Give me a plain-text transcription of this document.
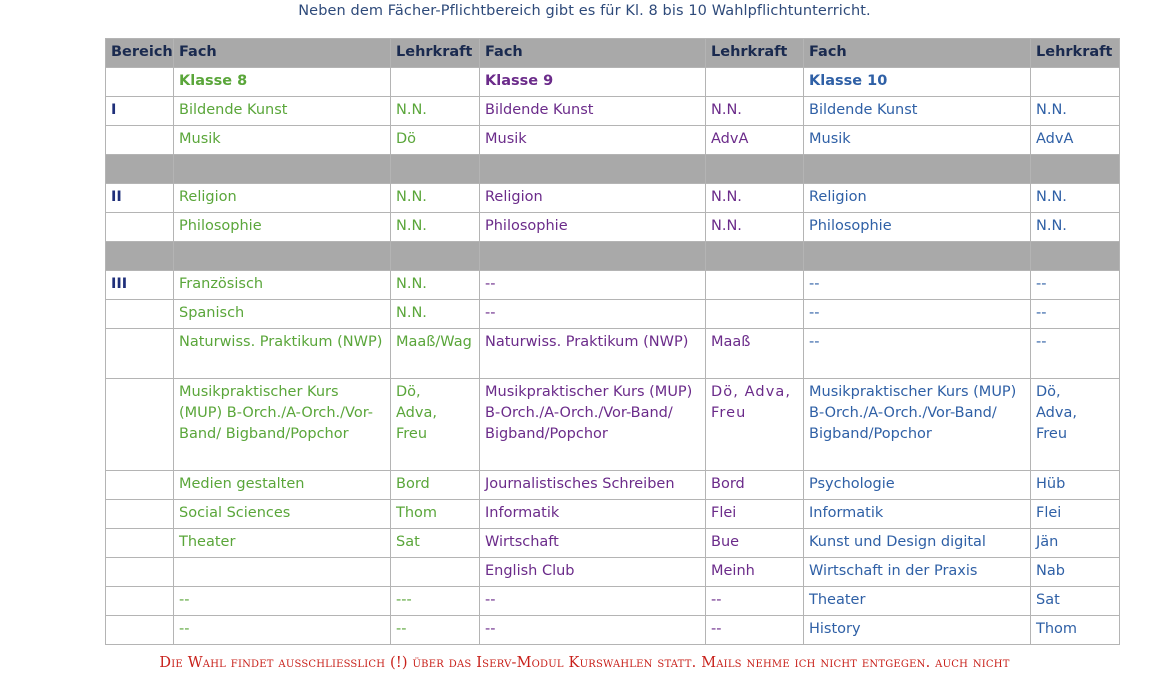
Neben dem Fächer-Pflichtbereich gibt es für Kl. 8 bis 10 Wahlpflichtunterricht.
Bereich	Fach	Lehrkraft	Fach	Lehrkraft	Fach	Lehrkraft
	Klasse 8		Klasse 9		Klasse 10	
I	Bildende Kunst	N.N.	Bildende Kunst	N.N.	Bildende Kunst	N.N.
	Musik	Dö	Musik	AdvA	Musik	AdvA

II	Religion	N.N.	Religion	N.N.	Religion	N.N.
	Philosophie	N.N.	Philosophie	N.N.	Philosophie	N.N.

III	Französisch	N.N.	--		--	--
	Spanisch	N.N.	--		--	--
	Naturwiss. Praktikum (NWP)	Maaß/Wag	Naturwiss. Praktikum (NWP)	Maaß	--	--
	Musikpraktischer Kurs (MUP) B-Orch./A-Orch./Vor-Band/ Bigband/Popchor	Dö, Adva, Freu	Musikpraktischer Kurs (MUP) B-Orch./A-Orch./Vor-Band/ Bigband/Popchor	Dö, Adva, Freu	Musikpraktischer Kurs (MUP) B-Orch./A-Orch./Vor-Band/ Bigband/Popchor	Dö, Adva, Freu
	Medien gestalten	Bord	Journalistisches Schreiben	Bord	Psychologie	Hüb
	Social Sciences	Thom	Informatik	Flei	Informatik	Flei
	Theater	Sat	Wirtschaft	Bue	Kunst und Design digital	Jän
			English Club	Meinh	Wirtschaft in der Praxis	Nab
	--	---	--	--	Theater	Sat
	--	--	--	--	History	Thom
Die Wahl findet ausschließlich (!) über das Iserv-Modul Kurswahlen statt. Mails nehme ich nicht entgegen. auch nicht
